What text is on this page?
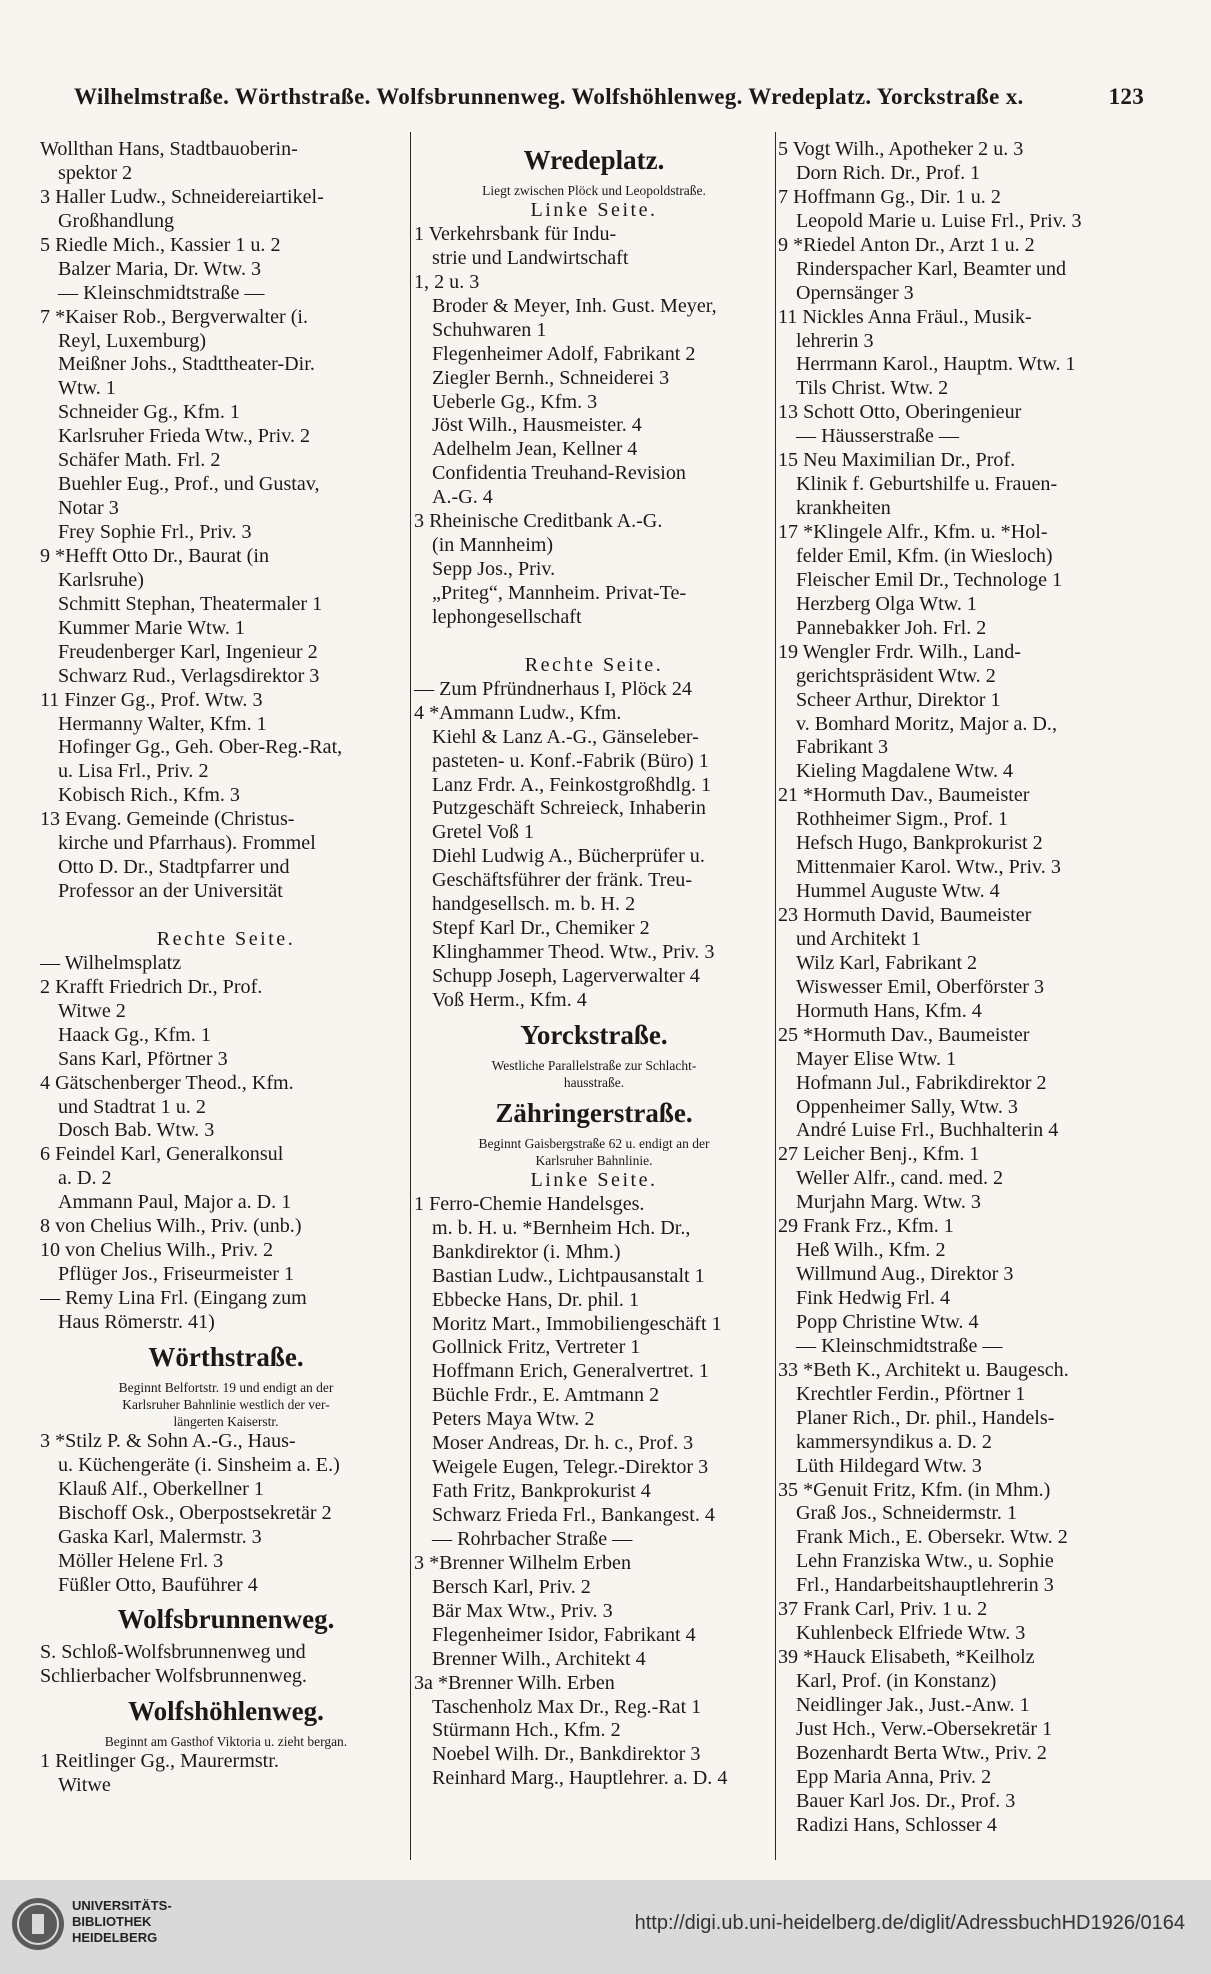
Wilhelmstraße. Wörthstraße. Wolfsbrunnenweg. Wolfshöhlenweg. Wredeplatz. Yorckstraße x.	123
Wollthan Hans, Stadtbauoberin-
spektor 2
3 Haller Ludw., Schneidereiartikel-
Großhandlung
5 Riedle Mich., Kassier 1 u. 2
Balzer Maria, Dr. Wtw. 3
— Kleinschmidtstraße —
7 *Kaiser Rob., Bergverwalter (i.
Reyl, Luxemburg)
Meißner Johs., Stadttheater-Dir.
Wtw. 1
Schneider Gg., Kfm. 1
Karlsruher Frieda Wtw., Priv. 2
Schäfer Math. Frl. 2
Buehler Eug., Prof., und Gustav,
Notar 3
Frey Sophie Frl., Priv. 3
9 *Hefft Otto Dr., Baurat (in
Karlsruhe)
Schmitt Stephan, Theatermaler 1
Kummer Marie Wtw. 1
Freudenberger Karl, Ingenieur 2
Schwarz Rud., Verlagsdirektor 3
11 Finzer Gg., Prof. Wtw. 3
Hermanny Walter, Kfm. 1
Hofinger Gg., Geh. Ober-Reg.-Rat,
u. Lisa Frl., Priv. 2
Kobisch Rich., Kfm. 3
13 Evang. Gemeinde (Christus-
kirche und Pfarrhaus). Frommel
Otto D. Dr., Stadtpfarrer und
Professor an der Universität
Rechte Seite.
— Wilhelmsplatz
2 Krafft Friedrich Dr., Prof.
Witwe 2
Haack Gg., Kfm. 1
Sans Karl, Pförtner 3
4 Gätschenberger Theod., Kfm.
und Stadtrat 1 u. 2
Dosch Bab. Wtw. 3
6 Feindel Karl, Generalkonsul
a. D. 2
Ammann Paul, Major a. D. 1
8 von Chelius Wilh., Priv. (unb.)
10 von Chelius Wilh., Priv. 2
Pflüger Jos., Friseurmeister 1
— Remy Lina Frl. (Eingang zum
Haus Römerstr. 41)
Wörthstraße.
Beginnt Belfortstr. 19 und endigt an der
Karlsruher Bahnlinie westlich der ver-
längerten Kaiserstr.
3 *Stilz P. & Sohn A.-G., Haus-
u. Küchengeräte (i. Sinsheim a. E.)
Klauß Alf., Oberkellner 1
Bischoff Osk., Oberpostsekretär 2
Gaska Karl, Malermstr. 3
Möller Helene Frl. 3
Füßler Otto, Bauführer 4
Wolfsbrunnenweg.
S. Schloß-Wolfsbrunnenweg und
Schlierbacher Wolfsbrunnenweg.
Wolfshöhlenweg.
Beginnt am Gasthof Viktoria u. zieht bergan.
1 Reitlinger Gg., Maurermstr.
Witwe
Wredeplatz.
Liegt zwischen Plöck und Leopoldstraße.
Linke Seite.
1 Verkehrsbank für Indu-
strie und Landwirtschaft
1, 2 u. 3
Broder & Meyer, Inh. Gust. Meyer,
Schuhwaren 1
Flegenheimer Adolf, Fabrikant 2
Ziegler Bernh., Schneiderei 3
Ueberle Gg., Kfm. 3
Jöst Wilh., Hausmeister. 4
Adelhelm Jean, Kellner 4
Confidentia Treuhand-Revision
A.-G. 4
3 Rheinische Creditbank A.-G.
(in Mannheim)
Sepp Jos., Priv.
„Priteg“, Mannheim. Privat-Te-
lephongesellschaft
Rechte Seite.
— Zum Pfründnerhaus I, Plöck 24
4 *Ammann Ludw., Kfm.
Kiehl & Lanz A.-G., Gänseleber-
pasteten- u. Konf.-Fabrik (Büro) 1
Lanz Frdr. A., Feinkostgroßhdlg. 1
Putzgeschäft Schreieck, Inhaberin
Gretel Voß 1
Diehl Ludwig A., Bücherprüfer u.
Geschäftsführer der fränk. Treu-
handgesellsch. m. b. H. 2
Stepf Karl Dr., Chemiker 2
Klinghammer Theod. Wtw., Priv. 3
Schupp Joseph, Lagerverwalter 4
Voß Herm., Kfm. 4
Yorckstraße.
Westliche Parallelstraße zur Schlacht-
hausstraße.
Zähringerstraße.
Beginnt Gaisbergstraße 62 u. endigt an der
Karlsruher Bahnlinie.
Linke Seite.
1 Ferro-Chemie Handelsges.
m. b. H. u. *Bernheim Hch. Dr.,
Bankdirektor (i. Mhm.)
Bastian Ludw., Lichtpausanstalt 1
Ebbecke Hans, Dr. phil. 1
Moritz Mart., Immobiliengeschäft 1
Gollnick Fritz, Vertreter 1
Hoffmann Erich, Generalvertret. 1
Büchle Frdr., E. Amtmann 2
Peters Maya Wtw. 2
Moser Andreas, Dr. h. c., Prof. 3
Weigele Eugen, Telegr.-Direktor 3
Fath Fritz, Bankprokurist 4
Schwarz Frieda Frl., Bankangest. 4
— Rohrbacher Straße —
3 *Brenner Wilhelm Erben
Bersch Karl, Priv. 2
Bär Max Wtw., Priv. 3
Flegenheimer Isidor, Fabrikant 4
Brenner Wilh., Architekt 4
3a *Brenner Wilh. Erben
Taschenholz Max Dr., Reg.-Rat 1
Stürmann Hch., Kfm. 2
Noebel Wilh. Dr., Bankdirektor 3
Reinhard Marg., Hauptlehrer. a. D. 4
5 Vogt Wilh., Apotheker 2 u. 3
Dorn Rich. Dr., Prof. 1
7 Hoffmann Gg., Dir. 1 u. 2
Leopold Marie u. Luise Frl., Priv. 3
9 *Riedel Anton Dr., Arzt 1 u. 2
Rinderspacher Karl, Beamter und
Opernsänger 3
11 Nickles Anna Fräul., Musik-
lehrerin 3
Herrmann Karol., Hauptm. Wtw. 1
Tils Christ. Wtw. 2
13 Schott Otto, Oberingenieur
— Häusserstraße —
15 Neu Maximilian Dr., Prof.
Klinik f. Geburtshilfe u. Frauen-
krankheiten
17 *Klingele Alfr., Kfm. u. *Hol-
felder Emil, Kfm. (in Wiesloch)
Fleischer Emil Dr., Technologe 1
Herzberg Olga Wtw. 1
Pannebakker Joh. Frl. 2
19 Wengler Frdr. Wilh., Land-
gerichtspräsident Wtw. 2
Scheer Arthur, Direktor 1
v. Bomhard Moritz, Major a. D.,
Fabrikant 3
Kieling Magdalene Wtw. 4
21 *Hormuth Dav., Baumeister
Rothheimer Sigm., Prof. 1
Hefsch Hugo, Bankprokurist 2
Mittenmaier Karol. Wtw., Priv. 3
Hummel Auguste Wtw. 4
23 Hormuth David, Baumeister
und Architekt 1
Wilz Karl, Fabrikant 2
Wiswesser Emil, Oberförster 3
Hormuth Hans, Kfm. 4
25 *Hormuth Dav., Baumeister
Mayer Elise Wtw. 1
Hofmann Jul., Fabrikdirektor 2
Oppenheimer Sally, Wtw. 3
André Luise Frl., Buchhalterin 4
27 Leicher Benj., Kfm. 1
Weller Alfr., cand. med. 2
Murjahn Marg. Wtw. 3
29 Frank Frz., Kfm. 1
Heß Wilh., Kfm. 2
Willmund Aug., Direktor 3
Fink Hedwig Frl. 4
Popp Christine Wtw. 4
— Kleinschmidtstraße —
33 *Beth K., Architekt u. Baugesch.
Krechtler Ferdin., Pförtner 1
Planer Rich., Dr. phil., Handels-
kammersyndikus a. D. 2
Lüth Hildegard Wtw. 3
35 *Genuit Fritz, Kfm. (in Mhm.)
Graß Jos., Schneidermstr. 1
Frank Mich., E. Obersekr. Wtw. 2
Lehn Franziska Wtw., u. Sophie
Frl., Handarbeitshauptlehrerin 3
37 Frank Carl, Priv. 1 u. 2
Kuhlenbeck Elfriede Wtw. 3
39 *Hauck Elisabeth, *Keilholz
Karl, Prof. (in Konstanz)
Neidlinger Jak., Just.-Anw. 1
Just Hch., Verw.-Obersekretär 1
Bozenhardt Berta Wtw., Priv. 2
Epp Maria Anna, Priv. 2
Bauer Karl Jos. Dr., Prof. 3
Radizi Hans, Schlosser 4
UNIVERSITÄTS-
BIBLIOTHEK
HEIDELBERG
http://digi.ub.uni-heidelberg.de/diglit/AdressbuchHD1926/0164
